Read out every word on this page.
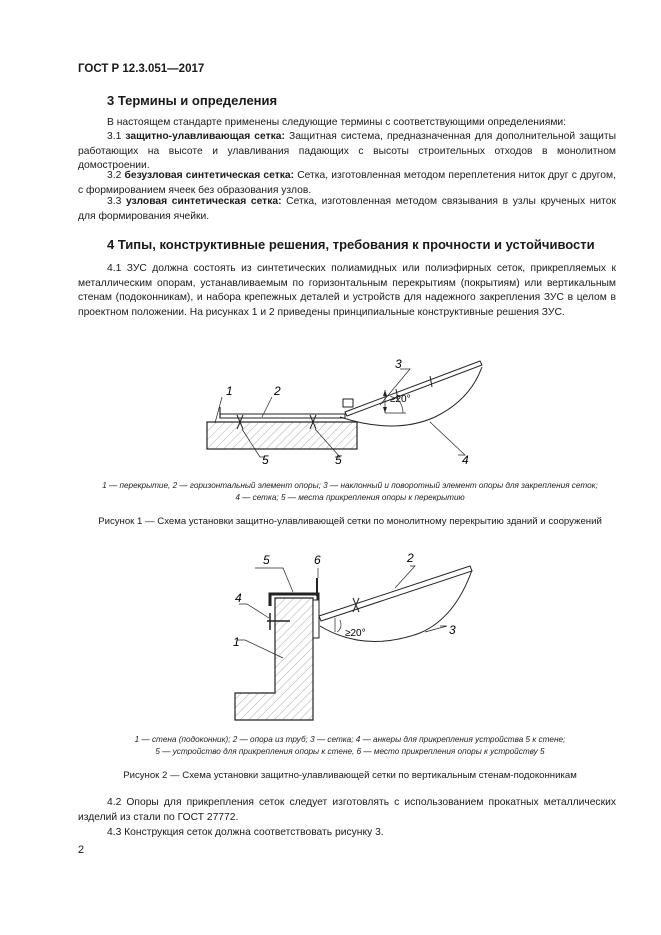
ГОСТ Р 12.3.051—2017
3 Термины и определения
В настоящем стандарте применены следующие термины с соответствующими определениями:
3.1 защитно-улавливающая сетка: Защитная система, предназначенная для дополнительной защиты работающих на высоте и улавливания падающих с высоты строительных отходов в монолитном домостроении.
3.2 безузловая синтетическая сетка: Сетка, изготовленная методом переплетения ниток друг с другом, с формированием ячеек без образования узлов.
3.3 узловая синтетическая сетка: Сетка, изготовленная методом связывания в узлы крученых ниток для формирования ячейки.
4 Типы, конструктивные решения, требования к прочности и устойчивости
4.1 ЗУС должна состоять из синтетических полиамидных или полиэфирных сеток, прикрепляемых к металлическим опорам, устанавливаемым по горизонтальным перекрытиям (покрытиям) или вертикальным стенам (подоконникам), и набора крепежных деталей и устройств для надежного закрепления ЗУС в целом в проектном положении. На рисунках 1 и 2 приведены принципиальные конструктивные решения ЗУС.
≥20°
1	2
3
4
5	5
1 — перекрытие, 2 — горизонтальный элемент опоры; 3 — наклонный и поворотный элемент опоры для закрепления сеток;
4 — сетка; 5 — места прикрепления опоры к перекрытию
Рисунок 1 — Схема установки защитно-улавливающей сетки по монолитному перекрытию зданий и сооружений
≥20°
5	6	2
3
4
1
1 — стена (подоконник); 2 — опора из труб; 3 — сетка; 4 — анкеры для прикрепления устройства 5 к стене;
5 — устройство для прикрепления опоры к стене, 6 — место прикрепления опоры к устройству 5
Рисунок 2 — Схема установки защитно-улавливающей сетки по вертикальным стенам-подоконникам
4.2 Опоры для прикрепления сеток следует изготовлять с использованием прокатных металлических изделий из стали по ГОСТ 27772.
4.3 Конструкция сеток должна соответствовать рисунку 3.
2
